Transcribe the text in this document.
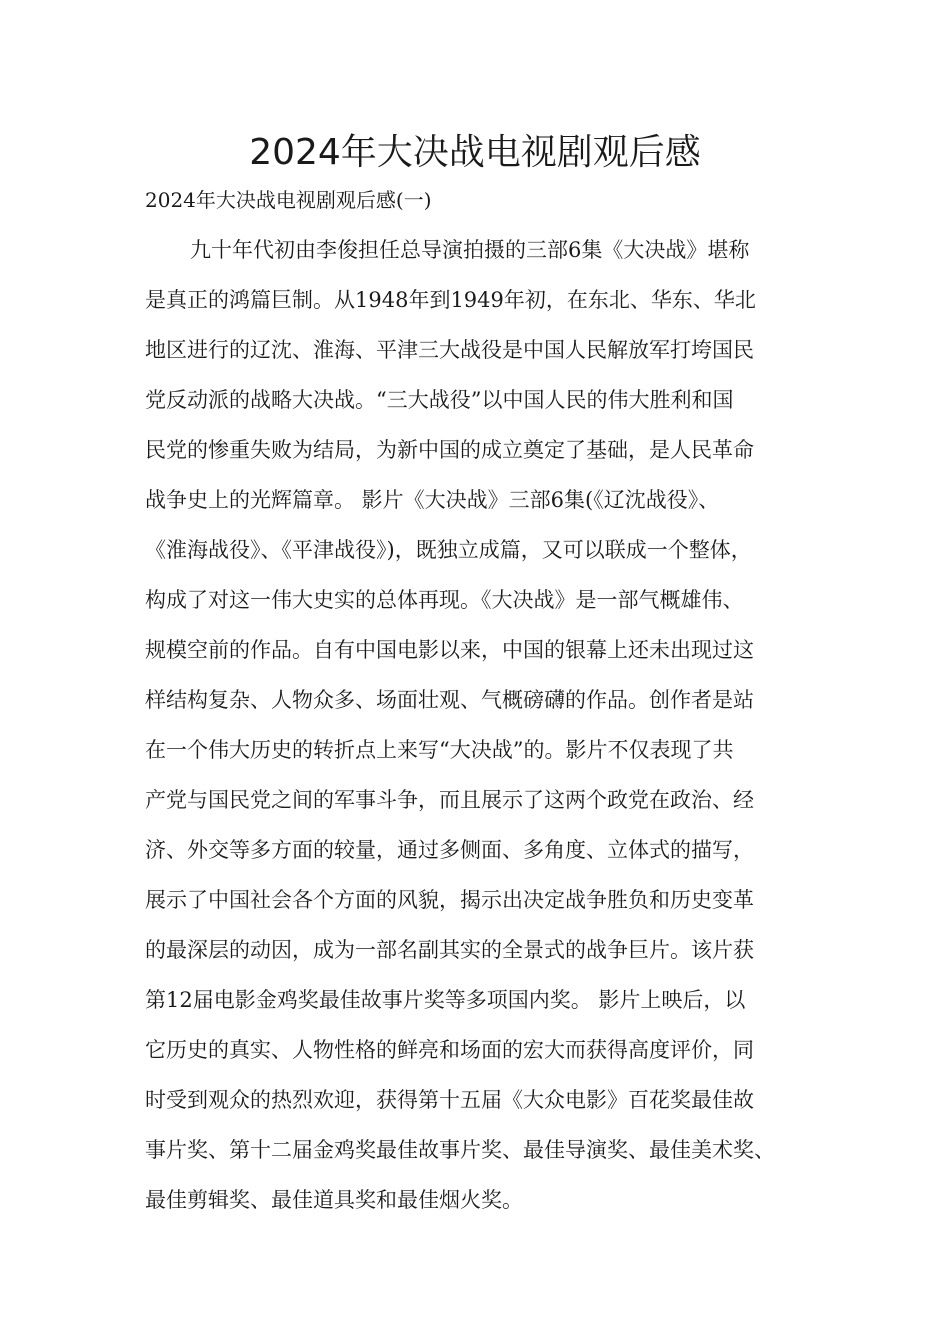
2024年大决战电视剧观后感

2024年大决战电视剧观后感(一)

九十年代初由李俊担任总导演拍摄的三部6集《大决战》堪称
是真正的鸿篇巨制。从1948年到1949年初，在东北、华东、华北
地区进行的辽沈、淮海、平津三大战役是中国人民解放军打垮国民
党反动派的战略大决战。“三大战役”以中国人民的伟大胜利和国
民党的惨重失败为结局，为新中国的成立奠定了基础，是人民革命
战争史上的光辉篇章。 影片《大决战》三部6集(《辽沈战役》、
《淮海战役》、《平津战役》)，既独立成篇，又可以联成一个整体，
构成了对这一伟大史实的总体再现。《大决战》是一部气概雄伟、
规模空前的作品。自有中国电影以来，中国的银幕上还未出现过这
样结构复杂、人物众多、场面壮观、气概磅礴的作品。创作者是站
在一个伟大历史的转折点上来写“大决战”的。影片不仅表现了共
产党与国民党之间的军事斗争，而且展示了这两个政党在政治、经
济、外交等多方面的较量，通过多侧面、多角度、立体式的描写，
展示了中国社会各个方面的风貌，揭示出决定战争胜负和历史变革
的最深层的动因，成为一部名副其实的全景式的战争巨片。该片获
第12届电影金鸡奖最佳故事片奖等多项国内奖。 影片上映后，以
它历史的真实、人物性格的鲜亮和场面的宏大而获得高度评价，同
时受到观众的热烈欢迎，获得第十五届《大众电影》百花奖最佳故
事片奖、第十二届金鸡奖最佳故事片奖、最佳导演奖、最佳美术奖、
最佳剪辑奖、最佳道具奖和最佳烟火奖。
